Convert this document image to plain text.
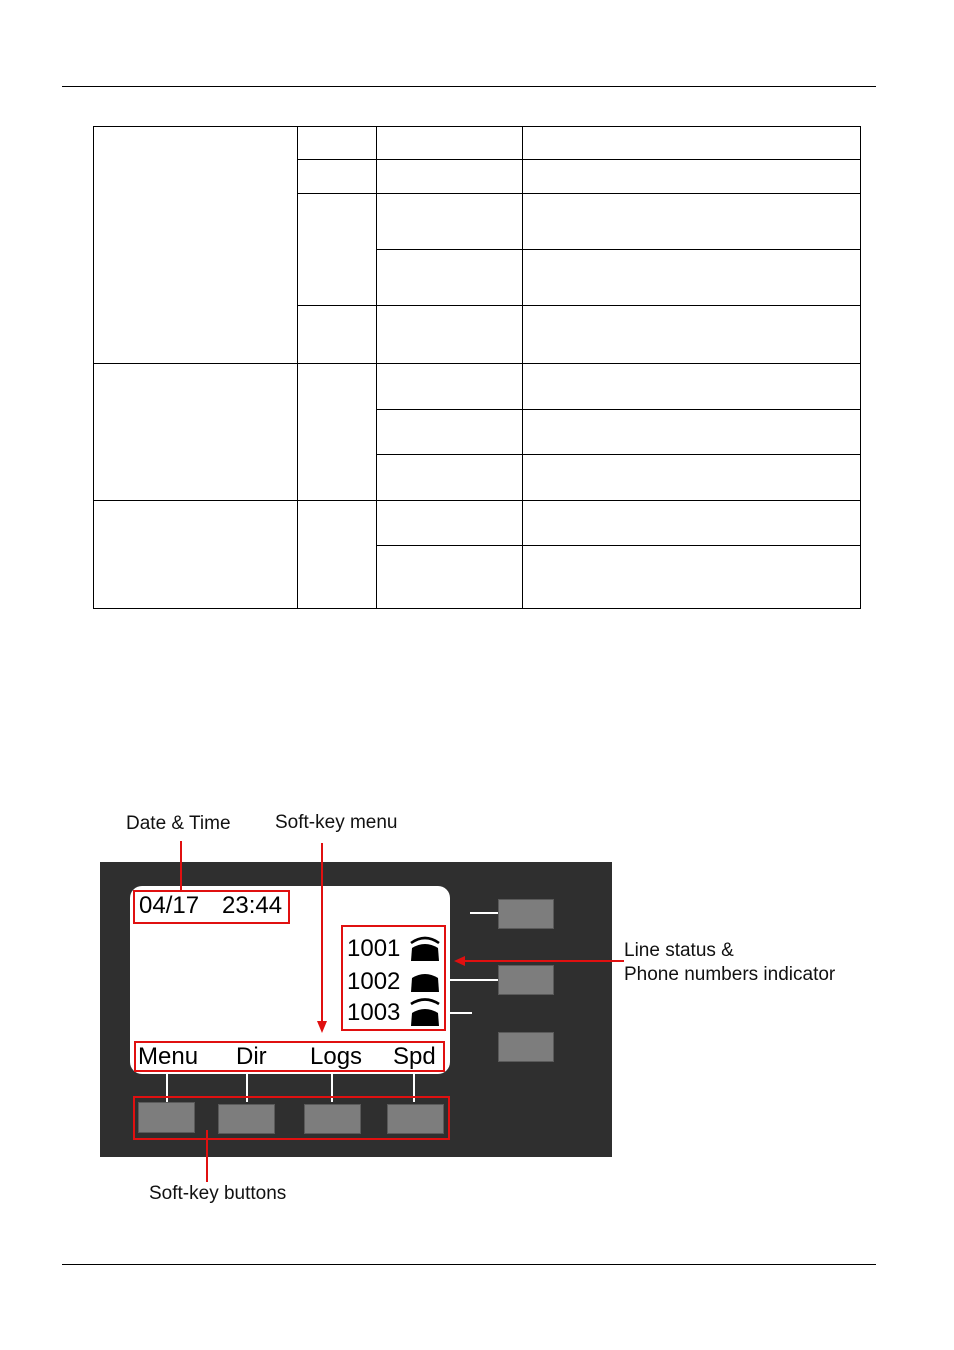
Date & Time Soft-key menu
Line status &
Phone numbers indicator
Soft-key buttons
04/17 23:44
1001
1002
1003
Menu Dir Logs Spd
